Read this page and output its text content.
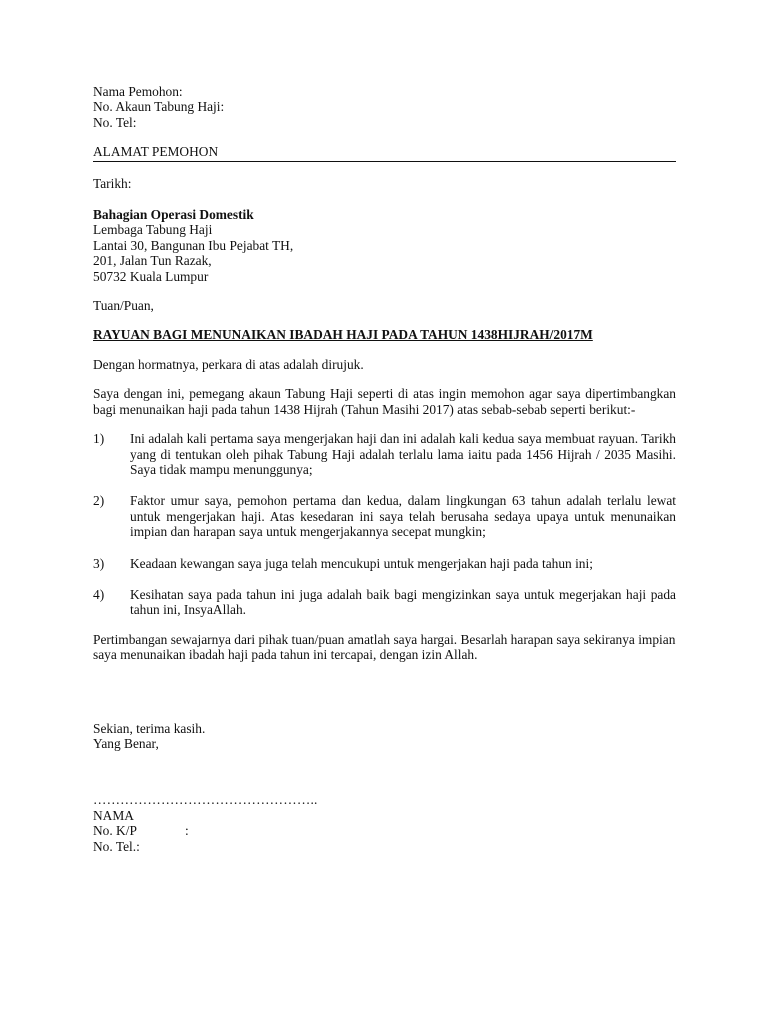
Nama Pemohon:
No. Akaun Tabung Haji:
No. Tel:
ALAMAT PEMOHON
Tarikh:
Bahagian Operasi Domestik
Lembaga Tabung Haji
Lantai 30, Bangunan Ibu Pejabat TH,
201, Jalan Tun Razak,
50732 Kuala Lumpur
Tuan/Puan,
RAYUAN BAGI MENUNAIKAN IBADAH HAJI PADA TAHUN 1438HIJRAH/2017M
Dengan hormatnya, perkara di atas adalah dirujuk.
Saya dengan ini, pemegang akaun Tabung Haji seperti di atas ingin memohon agar saya dipertimbangkan bagi menunaikan haji pada tahun 1438 Hijrah (Tahun Masihi 2017) atas sebab-sebab seperti berikut:-
1)	Ini adalah kali pertama saya mengerjakan haji dan ini adalah kali kedua saya membuat rayuan. Tarikh yang di tentukan oleh pihak Tabung Haji adalah terlalu lama iaitu pada 1456 Hijrah / 2035 Masihi. Saya tidak mampu menunggunya;
2)	Faktor umur saya, pemohon pertama dan kedua, dalam lingkungan 63 tahun adalah terlalu lewat untuk mengerjakan haji. Atas kesedaran ini saya telah berusaha sedaya upaya untuk menunaikan impian dan harapan saya untuk mengerjakannya secepat mungkin;
3)	Keadaan kewangan saya juga telah mencukupi untuk mengerjakan haji pada tahun ini;
4)	Kesihatan saya pada tahun ini juga adalah baik bagi mengizinkan saya untuk megerjakan haji pada tahun ini, InsyaAllah.
Pertimbangan sewajarnya dari pihak tuan/puan amatlah saya hargai. Besarlah harapan saya sekiranya impian saya menunaikan ibadah haji pada tahun ini tercapai, dengan izin Allah.
Sekian, terima kasih.
Yang Benar,
…………………………………………..
NAMA
No. K/P	:
No. Tel.:
